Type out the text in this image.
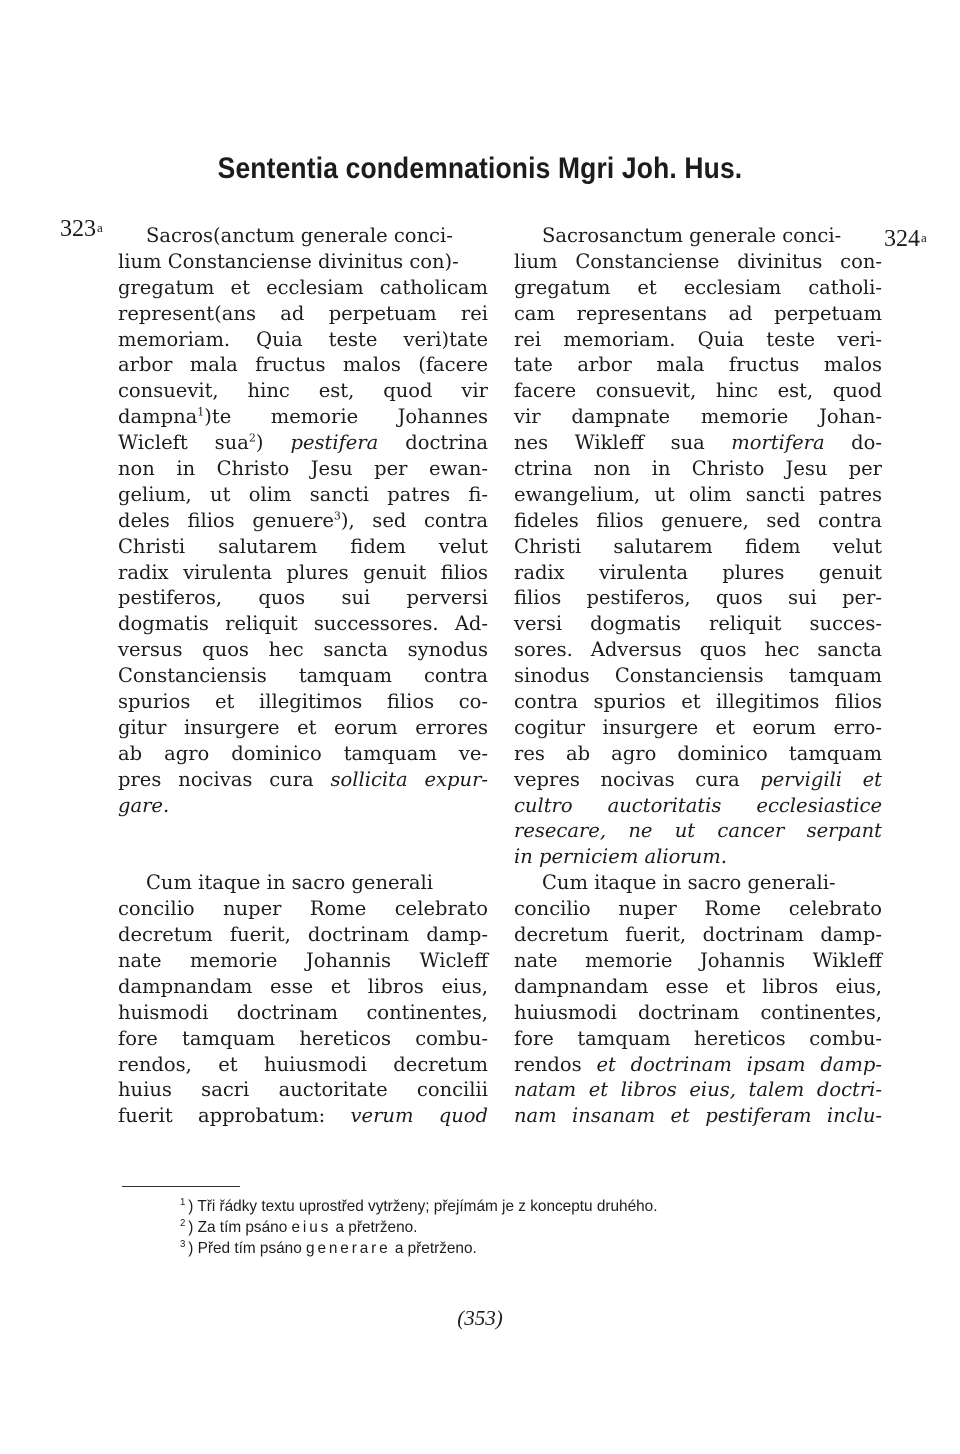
Sententia condemnationis Mgri Joh. Hus.
323$^a$	324$^a$
Sacros(anctum generale conci-
lium Constanciense divinitus con)-
gregatum et ecclesiam catholicam
represent(ans ad perpetuam rei
memoriam. Quia teste veri)tate
arbor mala fructus malos (facere
consuevit, hinc est, quod vir
dampna$^1$)te memorie Johannes
Wicleft sua$^2$) pestifera doctrina
non in Christo Jesu per ewan-
gelium, ut olim sancti patres fi-
deles filios genuere$^3$), sed contra
Christi salutarem fidem velut
radix virulenta plures genuit filios
pestiferos, quos sui perversi
dogmatis reliquit successores. Ad-
versus quos hec sancta synodus
Constanciensis tamquam contra
spurios et illegitimos filios co-
gitur insurgere et eorum errores
ab agro dominico tamquam ve-
pres nocivas cura sollicita expur-
gare.

Cum itaque in sacro generali
concilio nuper Rome celebrato
decretum fuerit, doctrinam damp-
nate memorie Johannis Wicleff
dampnandam esse et libros eius,
huismodi doctrinam continentes,
fore tamquam hereticos combu-
rendos, et huiusmodi decretum
huius sacri auctoritate concilii
fuerit approbatum: verum quod
Sacrosanctum generale conci-
lium Constanciense divinitus con-
gregatum et ecclesiam catholi-
cam representans ad perpetuam
rei memoriam. Quia teste veri-
tate arbor mala fructus malos
facere consuevit, hinc est, quod
vir dampnate memorie Johan-
nes Wikleff sua mortifera do-
ctrina non in Christo Jesu per
ewangelium, ut olim sancti patres
fideles filios genuere, sed contra
Christi salutarem fidem velut
radix virulenta plures genuit
filios pestiferos, quos sui per-
versi dogmatis reliquit succes-
sores. Adversus quos hec sancta
sinodus Constanciensis tamquam
contra spurios et illegitimos filios
cogitur insurgere et eorum erro-
res ab agro dominico tamquam
vepres nocivas cura pervigili et
cultro auctoritatis ecclesiastice
resecare, ne ut cancer serpant
in perniciem aliorum.
Cum itaque in sacro generali-
concilio nuper Rome celebrato
decretum fuerit, doctrinam damp-
nate memorie Johannis Wikleff
dampnandam esse et libros eius,
huiusmodi doctrinam continentes,
fore tamquam hereticos combu-
rendos et doctrinam ipsam damp-
natam et libros eius, talem doctri-
nam insanam et pestiferam inclu-
$^1$ ) Tři řádky textu uprostřed vytrženy; přejímám je z konceptu druhého.
$^2$ ) Za tím psáno eius a přetrženo.
$^3$ ) Před tím psáno generare a přetrženo.
(353)
